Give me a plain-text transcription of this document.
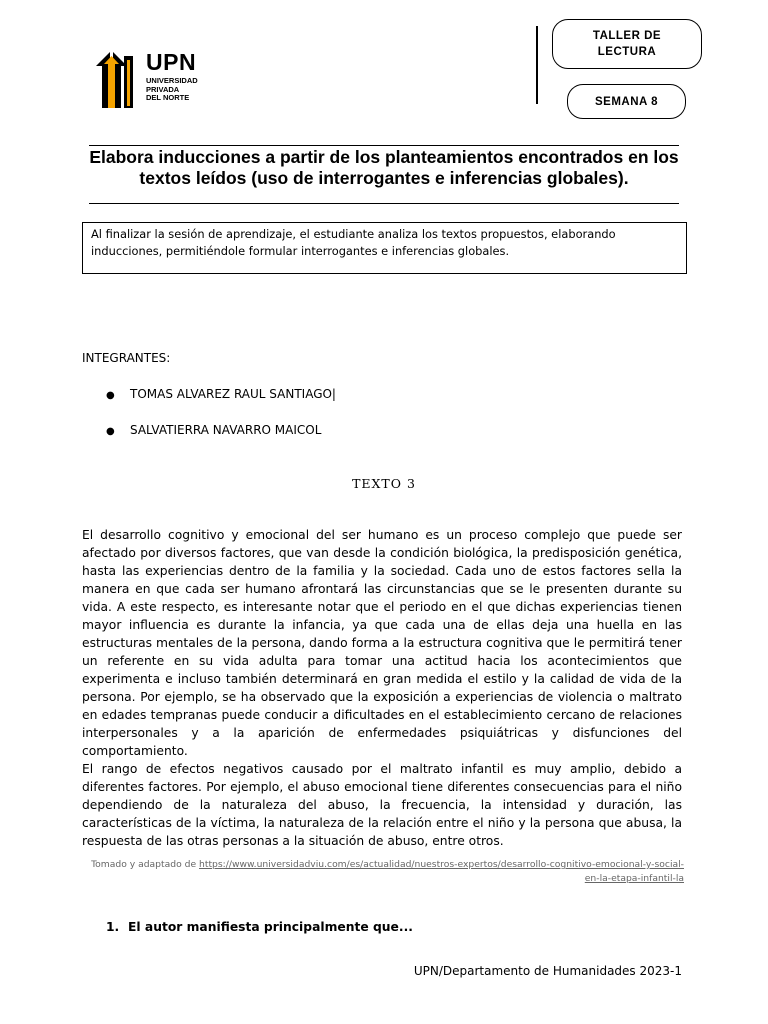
UPN
UNIVERSIDAD
PRIVADA
DEL NORTE
TALLER DE LECTURA
SEMANA 8
Elabora inducciones a partir de los planteamientos encontrados en los textos leídos (uso de interrogantes e inferencias globales).
Al finalizar la sesión de aprendizaje, el estudiante analiza los textos propuestos, elaborando inducciones, permitiéndole formular interrogantes e inferencias globales.
INTEGRANTES:
● TOMAS ALVAREZ RAUL SANTIAGO|
● SALVATIERRA NAVARRO MAICOL
TEXTO 3

El desarrollo cognitivo y emocional del ser humano es un proceso complejo que puede ser afectado por diversos factores, que van desde la condición biológica, la predisposición genética, hasta las experiencias dentro de la familia y la sociedad. Cada uno de estos factores sella la manera en que cada ser humano afrontará las circunstancias que se le presenten durante su vida. A este respecto, es interesante notar que el periodo en el que dichas experiencias tienen mayor influencia es durante la infancia, ya que cada una de ellas deja una huella en las estructuras mentales de la persona, dando forma a la estructura cognitiva que le permitirá tener un referente en su vida adulta para tomar una actitud hacia los acontecimientos que experimenta e incluso también determinará en gran medida el estilo y la calidad de vida de la persona. Por ejemplo, se ha observado que la exposición a experiencias de violencia o maltrato en edades tempranas puede conducir a dificultades en el establecimiento cercano de relaciones interpersonales y a la aparición de enfermedades psiquiátricas y disfunciones del comportamiento.

El rango de efectos negativos causado por el maltrato infantil es muy amplio, debido a diferentes factores. Por ejemplo, el abuso emocional tiene diferentes consecuencias para el niño dependiendo de la naturaleza del abuso, la frecuencia, la intensidad y duración, las características de la víctima, la naturaleza de la relación entre el niño y la persona que abusa, la respuesta de las otras personas a la situación de abuso, entre otros.

Tomado y adaptado de https://www.universidadviu.com/es/actualidad/nuestros-expertos/desarrollo-cognitivo-emocional-y-social-en-la-etapa-infantil-la
1. El autor manifiesta principalmente que...
UPN/Departamento de Humanidades 2023-1
